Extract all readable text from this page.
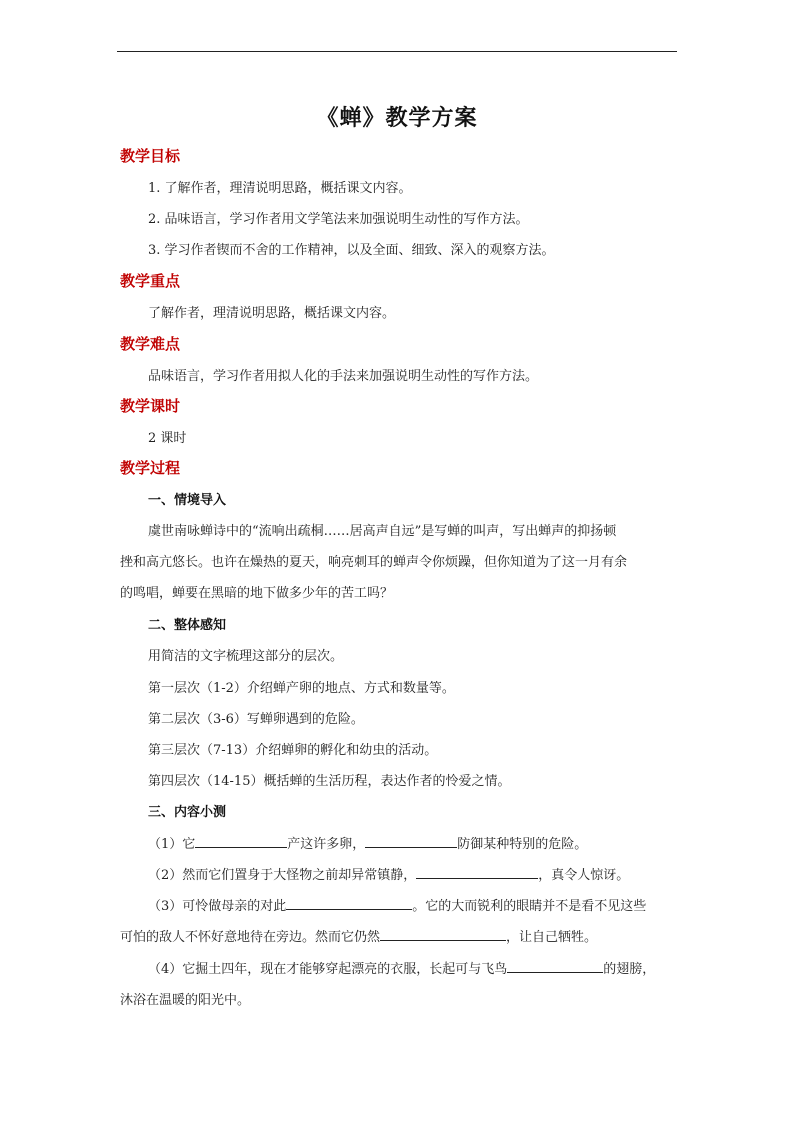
《蝉》教学方案
教学目标
1. 了解作者，理清说明思路，概括课文内容。
2. 品味语言，学习作者用文学笔法来加强说明生动性的写作方法。
3. 学习作者锲而不舍的工作精神，以及全面、细致、深入的观察方法。
教学重点
了解作者，理清说明思路，概括课文内容。
教学难点
品味语言，学习作者用拟人化的手法来加强说明生动性的写作方法。
教学课时
2 课时
教学过程
一、情境导入
虞世南咏蝉诗中的“流响出疏桐……居高声自远”是写蝉的叫声，写出蝉声的抑扬顿
挫和高亢悠长。也许在燥热的夏天，响亮刺耳的蝉声令你烦躁，但你知道为了这一月有余
的鸣唱，蝉要在黑暗的地下做多少年的苦工吗？
二、整体感知
用简洁的文字梳理这部分的层次。
第一层次（1-2）介绍蝉产卵的地点、方式和数量等。
第二层次（3-6）写蝉卵遇到的危险。
第三层次（7-13）介绍蝉卵的孵化和幼虫的活动。
第四层次（14-15）概括蝉的生活历程，表达作者的怜爱之情。
三、内容小测
（1）它	产这许多卵，	防御某种特别的危险。
（2）然而它们置身于大怪物之前却异常镇静，	，真令人惊讶。
（3）可怜做母亲的对此	。它的大而锐利的眼睛并不是看不见这些
可怕的敌人不怀好意地待在旁边。然而它仍然	，让自己牺牲。
（4）它掘土四年，现在才能够穿起漂亮的衣服，长起可与飞鸟	的翅膀，
沐浴在温暖的阳光中。
